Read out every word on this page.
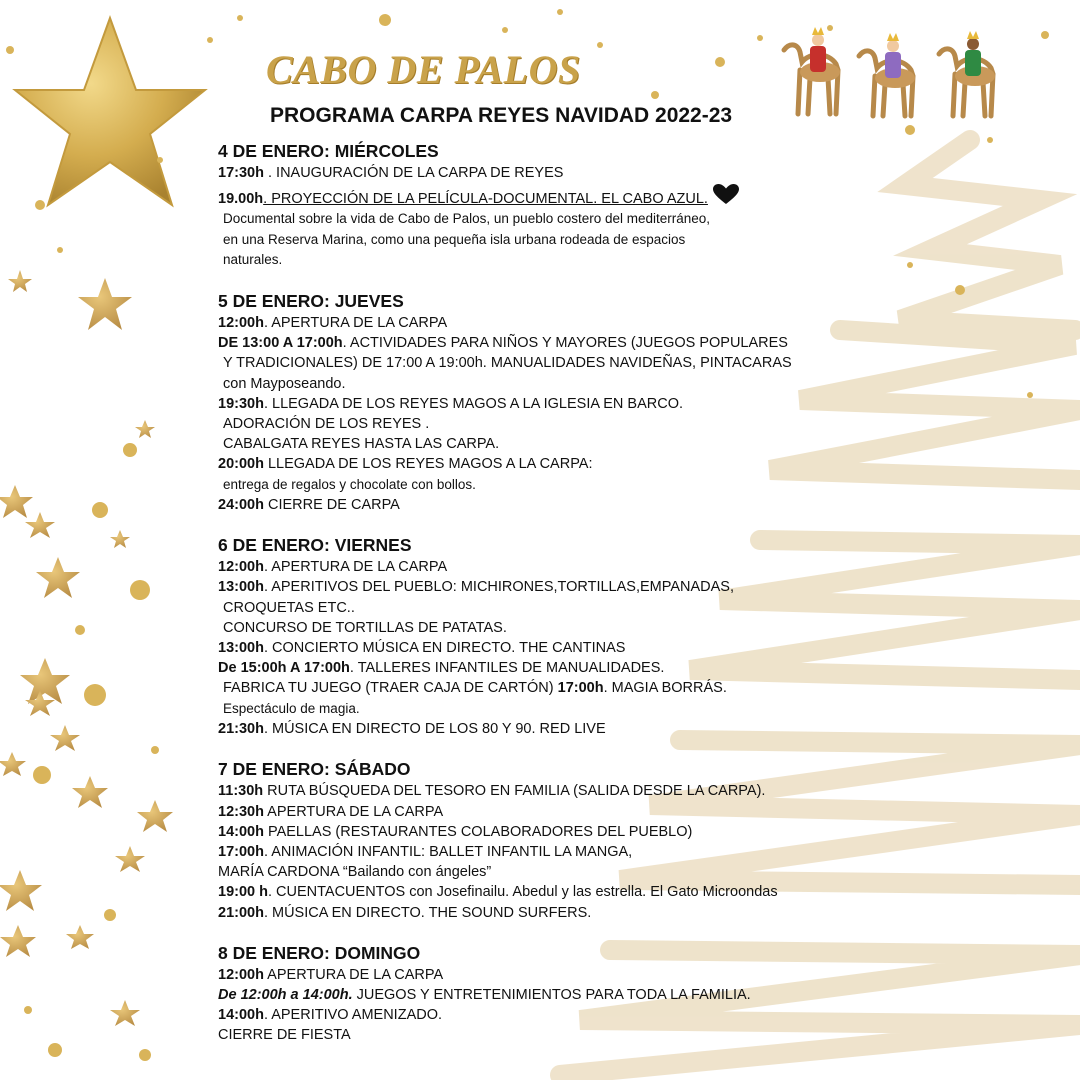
CABO DE PALOS
PROGRAMA CARPA REYES NAVIDAD 2022-23
4 DE ENERO: MIÉRCOLES

17:30h . INAUGURACIÓN DE LA CARPA DE REYES

19.00h. PROYECCIÓN DE LA PELÍCULA-DOCUMENTAL. EL CABO AZUL.

Documental sobre la vida de Cabo de Palos, un pueblo costero del mediterráneo,

en una Reserva Marina, como una pequeña isla urbana rodeada de espacios

naturales.

5 DE ENERO: JUEVES

12:00h. APERTURA DE LA CARPA

DE 13:00 A 17:00h. ACTIVIDADES PARA NIÑOS Y MAYORES (JUEGOS POPULARES

Y TRADICIONALES) DE 17:00 A 19:00h. MANUALIDADES NAVIDEÑAS, PINTACARAS

con Mayposeando.

19:30h. LLEGADA DE LOS REYES MAGOS A LA IGLESIA EN BARCO.

ADORACIÓN DE LOS REYES .

CABALGATA REYES HASTA LAS CARPA.

20:00h LLEGADA DE LOS REYES MAGOS A LA CARPA:

entrega de regalos y chocolate con bollos.

24:00h CIERRE DE CARPA

6 DE ENERO: VIERNES

12:00h. APERTURA DE LA CARPA

13:00h. APERITIVOS DEL PUEBLO: MICHIRONES,TORTILLAS,EMPANADAS,

CROQUETAS ETC..

CONCURSO DE TORTILLAS DE PATATAS.

13:00h. CONCIERTO MÚSICA EN DIRECTO. THE CANTINAS

De 15:00h A 17:00h. TALLERES INFANTILES DE MANUALIDADES.

FABRICA TU JUEGO (TRAER CAJA DE CARTÓN) 17:00h. MAGIA BORRÁS.

Espectáculo de magia.

21:30h. MÚSICA EN DIRECTO DE LOS 80 Y 90. RED LIVE

7 DE ENERO: SÁBADO

11:30h RUTA BÚSQUEDA DEL TESORO EN FAMILIA (SALIDA DESDE LA CARPA).

12:30h APERTURA DE LA CARPA

14:00h PAELLAS (RESTAURANTES COLABORADORES DEL PUEBLO)

17:00h. ANIMACIÓN INFANTIL: BALLET INFANTIL LA MANGA,

MARÍA CARDONA “Bailando con ángeles”

19:00 h. CUENTACUENTOS con Josefinailu. Abedul y las estrella. El Gato Microondas

21:00h. MÚSICA EN DIRECTO. THE SOUND SURFERS.

8 DE ENERO: DOMINGO

12:00h APERTURA DE LA CARPA

De 12:00h a 14:00h. JUEGOS Y ENTRETENIMIENTOS PARA TODA LA FAMILIA.

14:00h. APERITIVO AMENIZADO.

CIERRE DE FIESTA
